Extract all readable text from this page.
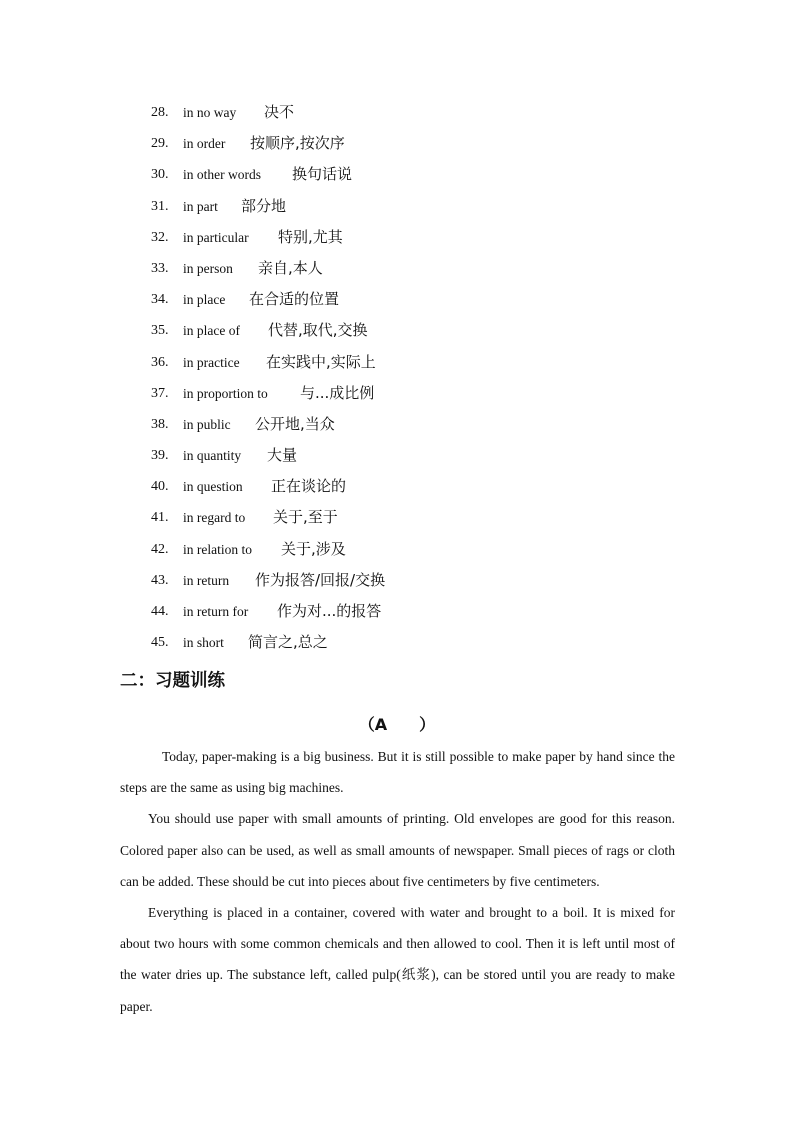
28. in no way 决不
29. in order 按顺序,按次序
30. in other words 换句话说
31. in part 部分地
32. in particular 特别,尤其
33. in person 亲自,本人
34. in place 在合适的位置
35. in place of 代替,取代,交换
36. in practice 在实践中,实际上
37. in proportion to 与...成比例
38. in public 公开地,当众
39. in quantity 大量
40. in question 正在谈论的
41. in regard to 关于,至于
42. in relation to 关于,涉及
43. in return 作为报答/回报/交换
44. in return for 作为对...的报答
45. in short 简言之,总之
二：习题训练
（A　　）

Today, paper-making is a big business. But it is still possible to make paper by hand since the steps are the same as using big machines.

You should use paper with small amounts of printing. Old envelopes are good for this reason. Colored paper also can be used, as well as small amounts of newspaper. Small pieces of rags or cloth can be added. These should be cut into pieces about five centimeters by five centimeters.

Everything is placed in a container, covered with water and brought to a boil. It is mixed for about two hours with some common chemicals and then allowed to cool. Then it is left until most of the water dries up. The substance left, called pulp(纸浆), can be stored until you are ready to make paper.
